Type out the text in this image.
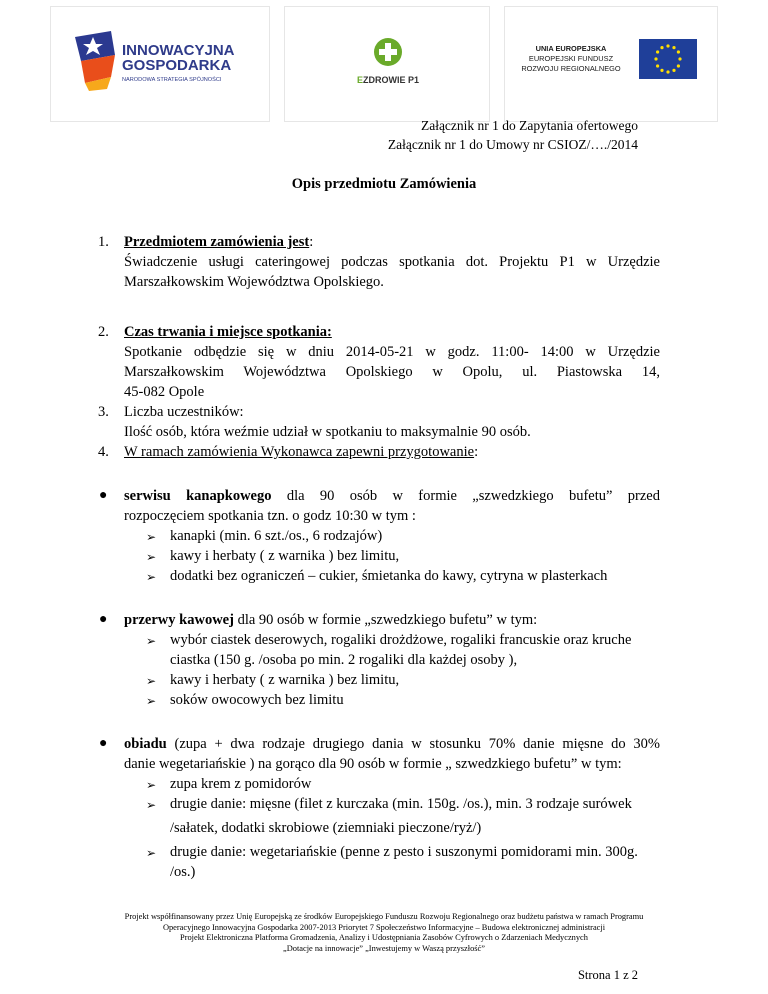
INNOWACYJNA
GOSPODARKA
NARODOWA STRATEGIA SPÓJNOŚCI	EZDROWIE P1
UNIA EUROPEJSKA
EUROPEJSKI FUNDUSZ
ROZWOJU REGIONALNEGO
Załącznik nr 1 do Zapytania ofertowego
Załącznik nr 1 do Umowy nr CSIOZ/…./2014
Opis przedmiotu Zamówienia
1. Przedmiotem zamówienia jest:
Świadczenie usługi cateringowej podczas spotkania dot. Projektu P1 w Urzędzie
Marszałkowskim Województwa Opolskiego.
2. Czas trwania i miejsce spotkania:
Spotkanie odbędzie się w dniu 2014-05-21 w godz. 11:00- 14:00 w Urzędzie
Marszałkowskim Województwa Opolskiego w Opolu, ul. Piastowska 14,
45-082 Opole
3. Liczba uczestników:
Ilość osób, która weźmie udział w spotkaniu to maksymalnie 90 osób.
4. W ramach zamówienia Wykonawca zapewni przygotowanie:
● serwisu kanapkowego dla 90 osób w formie „szwedzkiego bufetu” przed
rozpoczęciem spotkania tzn. o godz 10:30 w tym :
➢ kanapki (min. 6 szt./os., 6 rodzajów)
➢ kawy i herbaty ( z warnika ) bez limitu,
➢ dodatki bez ograniczeń – cukier, śmietanka do kawy, cytryna w plasterkach
● przerwy kawowej dla 90 osób w formie „szwedzkiego bufetu” w tym:
➢ wybór ciastek deserowych, rogaliki drożdżowe, rogaliki francuskie oraz kruche
ciastka (150 g. /osoba po min. 2 rogaliki dla każdej osoby ),
➢ kawy i herbaty ( z warnika ) bez limitu,
➢ soków owocowych bez limitu
● obiadu (zupa + dwa rodzaje drugiego dania w stosunku 70% danie mięsne do 30%
danie wegetariańskie ) na gorąco dla 90 osób w formie „ szwedzkiego bufetu” w tym:
➢ zupa krem z pomidorów
➢ drugie danie: mięsne (filet z kurczaka (min. 150g. /os.), min. 3 rodzaje surówek
/sałatek, dodatki skrobiowe (ziemniaki pieczone/ryż/)
➢ drugie danie: wegetariańskie (penne z pesto i suszonymi pomidorami min. 300g.
/os.)
Projekt współfinansowany przez Unię Europejską ze środków Europejskiego Funduszu Rozwoju Regionalnego oraz budżetu państwa w ramach Programu
Operacyjnego Innowacyjna Gospodarka 2007-2013 Priorytet 7 Społeczeństwo Informacyjne – Budowa elektronicznej administracji
Projekt Elektroniczna Platforma Gromadzenia, Analizy i Udostępniania Zasobów Cyfrowych o Zdarzeniach Medycznych
„Dotacje na innowacje” „Inwestujemy w Waszą przyszłość”
Strona 1 z 2
